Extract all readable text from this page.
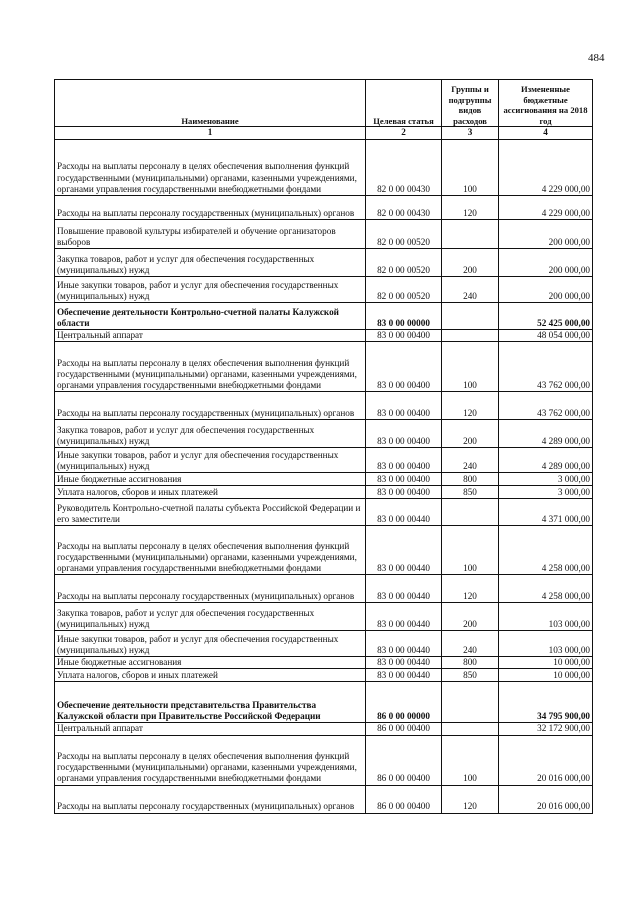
484
Наименование	Целевая статья	Группы и подгруппы видов расходов	Измененные бюджетные ассигнования на 2018 год
1	2	3	4
Расходы на выплаты персоналу в целях обеспечения выполнения функций государственными (муниципальными) органами, казенными учреждениями, органами управления государственными внебюджетными фондами	82 0 00 00430	100	4 229 000,00
Расходы на выплаты персоналу государственных (муниципальных) органов	82 0 00 00430	120	4 229 000,00
Повышение правовой культуры избирателей и обучение организаторов выборов	82 0 00 00520		200 000,00
Закупка товаров, работ и услуг для обеспечения государственных (муниципальных) нужд	82 0 00 00520	200	200 000,00
Иные закупки товаров, работ и услуг для обеспечения государственных (муниципальных) нужд	82 0 00 00520	240	200 000,00
Обеспечение деятельности Контрольно-счетной палаты Калужской области	83 0 00 00000		52 425 000,00
Центральный аппарат	83 0 00 00400		48 054 000,00
Расходы на выплаты персоналу в целях обеспечения выполнения функций государственными (муниципальными) органами, казенными учреждениями, органами управления государственными внебюджетными фондами	83 0 00 00400	100	43 762 000,00
Расходы на выплаты персоналу государственных (муниципальных) органов	83 0 00 00400	120	43 762 000,00
Закупка товаров, работ и услуг для обеспечения государственных (муниципальных) нужд	83 0 00 00400	200	4 289 000,00
Иные закупки товаров, работ и услуг для обеспечения государственных (муниципальных) нужд	83 0 00 00400	240	4 289 000,00
Иные бюджетные ассигнования	83 0 00 00400	800	3 000,00
Уплата налогов, сборов и иных платежей	83 0 00 00400	850	3 000,00
Руководитель Контрольно-счетной палаты субъекта Российской Федерации и его заместители	83 0 00 00440		4 371 000,00
Расходы на выплаты персоналу в целях обеспечения выполнения функций государственными (муниципальными) органами, казенными учреждениями, органами управления государственными внебюджетными фондами	83 0 00 00440	100	4 258 000,00
Расходы на выплаты персоналу государственных (муниципальных) органов	83 0 00 00440	120	4 258 000,00
Закупка товаров, работ и услуг для обеспечения государственных (муниципальных) нужд	83 0 00 00440	200	103 000,00
Иные закупки товаров, работ и услуг для обеспечения государственных (муниципальных) нужд	83 0 00 00440	240	103 000,00
Иные бюджетные ассигнования	83 0 00 00440	800	10 000,00
Уплата налогов, сборов и иных платежей	83 0 00 00440	850	10 000,00
Обеспечение деятельности представительства Правительства Калужской области при Правительстве Российской Федерации	86 0 00 00000		34 795 900,00
Центральный аппарат	86 0 00 00400		32 172 900,00
Расходы на выплаты персоналу в целях обеспечения выполнения функций государственными (муниципальными) органами, казенными учреждениями, органами управления государственными внебюджетными фондами	86 0 00 00400	100	20 016 000,00
Расходы на выплаты персоналу государственных (муниципальных) органов	86 0 00 00400	120	20 016 000,00
